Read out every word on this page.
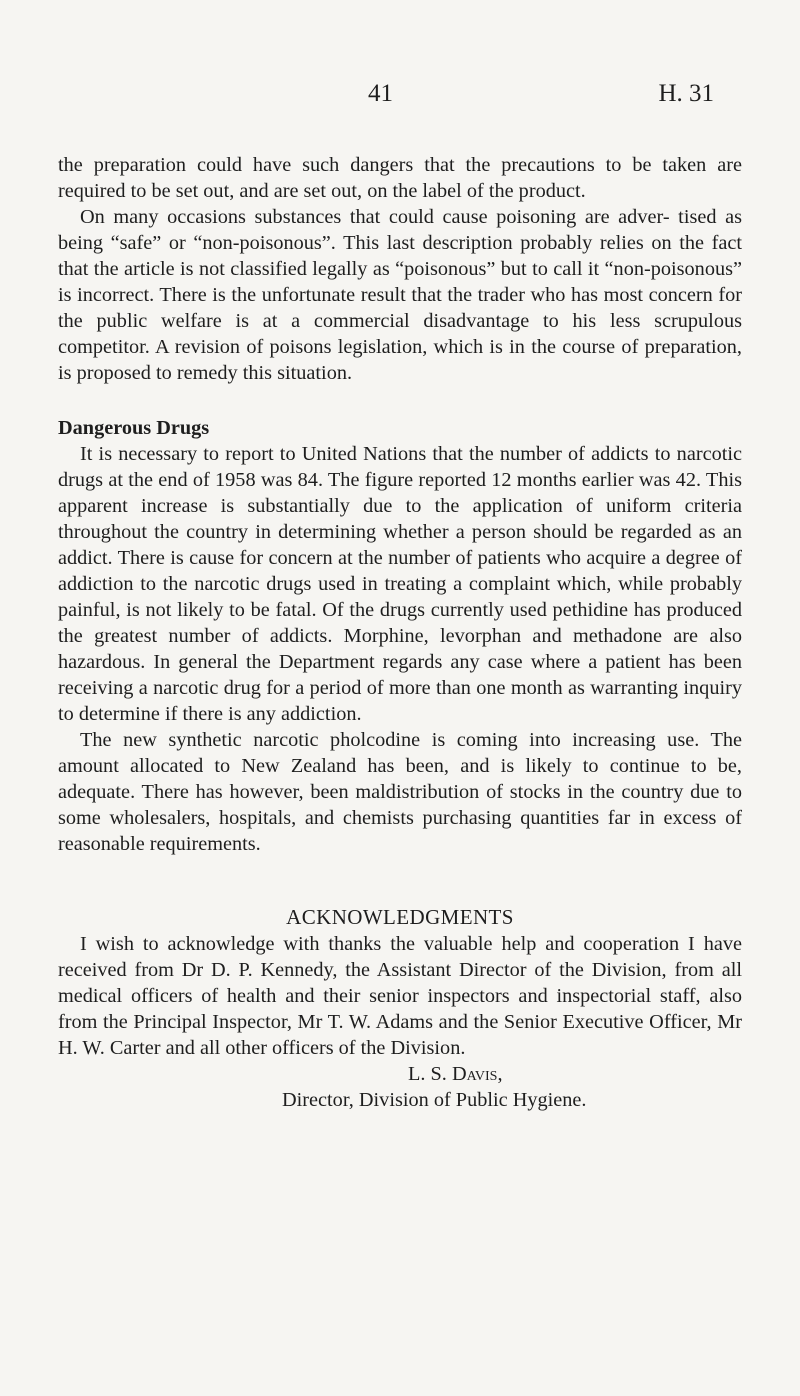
41	H. 31

the preparation could have such dangers that the precautions to be taken are required to be set out, and are set out, on the label of the product.

On many occasions substances that could cause poisoning are adver- tised as being “safe” or “non-poisonous”. This last description probably relies on the fact that the article is not classified legally as “poisonous” but to call it “non-poisonous” is incorrect. There is the unfortunate result that the trader who has most concern for the public welfare is at a commercial disadvantage to his less scrupulous competitor. A revision of poisons legislation, which is in the course of preparation, is proposed to remedy this situation.

Dangerous Drugs

It is necessary to report to United Nations that the number of addicts to narcotic drugs at the end of 1958 was 84. The figure reported 12 months earlier was 42. This apparent increase is substantially due to the application of uniform criteria throughout the country in determining whether a person should be regarded as an addict. There is cause for concern at the number of patients who acquire a degree of addiction to the narcotic drugs used in treating a complaint which, while probably painful, is not likely to be fatal. Of the drugs currently used pethidine has produced the greatest number of addicts. Morphine, levorphan and methadone are also hazardous. In general the Department regards any case where a patient has been receiving a narcotic drug for a period of more than one month as warranting inquiry to determine if there is any addiction.

The new synthetic narcotic pholcodine is coming into increasing use. The amount allocated to New Zealand has been, and is likely to continue to be, adequate. There has however, been maldistribution of stocks in the country due to some wholesalers, hospitals, and chemists purchasing quantities far in excess of reasonable requirements.

ACKNOWLEDGMENTS

I wish to acknowledge with thanks the valuable help and cooperation I have received from Dr D. P. Kennedy, the Assistant Director of the Division, from all medical officers of health and their senior inspectors and inspectorial staff, also from the Principal Inspector, Mr T. W. Adams and the Senior Executive Officer, Mr H. W. Carter and all other officers of the Division.

L. S. Davis,
Director, Division of Public Hygiene.
